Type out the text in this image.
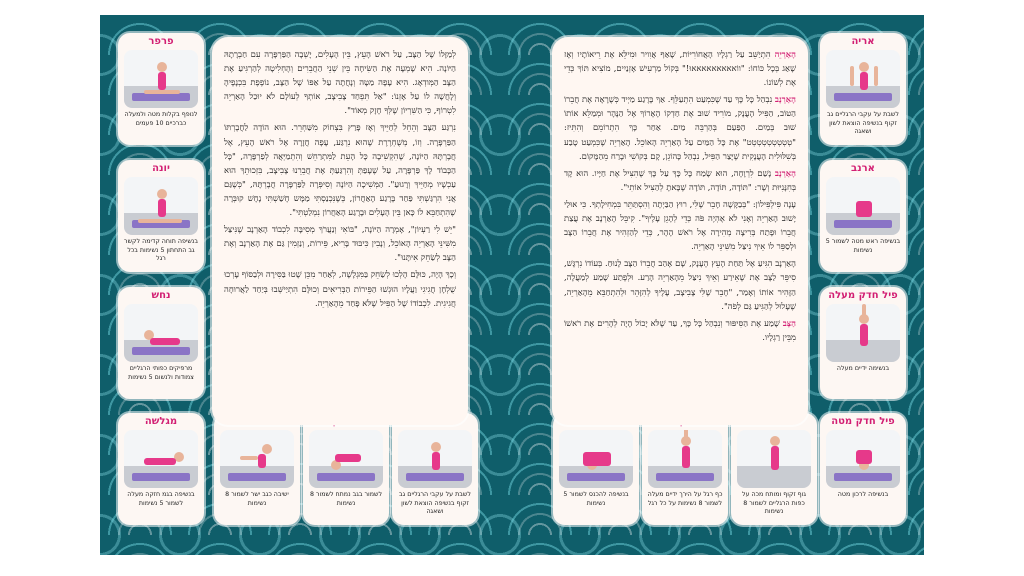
פרפר
לנופף בקלות מטה ולמעלה כברכיים 10 פעמים
יונה
בנשיפה תוחה קדימה לקשר גב התחתון 5 נשימות בכל רגל
נחש
מרפיקים כפותי הרגליים צמודות ולנשום 5 נשימות
אריה
לשבת על עקבי הרגליים גב זקוף בנשיפה הוצאת לשון ושאגה
ארנב
בנשיפה ראש מטה לשמור 5 נשימות
פיל חדק מעלה
בנשימה ידיים מעלה
לשבת על עקבי הרגליים גב זקוף בנשיפה הוצאת לשון ושאגה
לשמור בגב נמתח לשמור 8 נשימות
ישיבה כגב ישר לשמור 8 נשימות
מגלשה
בנשיפה בגמ חזקה מעלה לשמור 5 נשימות
פיל חדק מטה
בנשיפה לרכון מטה
גוף זקוף ומותח מכה על כפות הרגליים לשמור 8 נשימות
כף רגל על הירך ידיים מעלה לשמור 8 נשימות על כל רגל
בנשיפה להכנס לשמור 5 נשימות

לְמַזָּלוֹ שֶׁל הַצָּב, עַל רֹאשׁ הָעֵץ, בֵּין הֶעָלִים, יָשְׁבָה הַפַּרְפָּרָה עִם חַבְרָתָהּ הַיּוֹנָה. הִיא שָׁמְעָה אֶת הַשִּׂיחָה בֵּין שְׁנֵי הַחֲבֵרִים וְהֶחְלִיטָה לְהַרְגִּיעַ אֶת הַצָּב הַמְּודְאָג. הִיא עָפָה מַטָּה וְנָחֲתָה עַל אַפּוֹ שֶׁל הַצָּב, נוֹפֶפֶת בִּכְנָפֶיהָ וְלָחֲשָׁה לוֹ עַל אָזְנוֹ: "אַל תִּפְחַד צָבִיצָב, אוֹתְךָ לְעוֹלָם לֹא יוּכַל הָאַרְיֵה לִטְרוֹף, כִּי הַשִּׁרְיוֹן שֶׁלְּךָ חָזָק מְאוֹד".

נִרְגַּע הַצָּב וְהֵחֵל לְחַיֵּיךְ וְאָז פָּרַץ בִּצְחוֹק מִשַּׁחְרֵר. הוּא הוֹדָה לַחֲבֶרְתּוֹ הַפַּרְפָּרָה. וְזוֹ, מְשֻׁחְרֶרֶת שֶׁהוּא נִרְגַּע, עָפָה חֲזָרָה אֶל רֹאשׁ הָעֵץ, אֶל חֲבֶרְתָּהּ הַיּוֹנָה, שֶׁהִקְשִׁיבָה כָּל הָעֵת לַמִּתְרַחֵשׁ וְהִתְמַיְּאֲה לְפַרְפָּרָה, "כָּל הַכָּבוֹד לָךְ פַּרְפָּרָה, עַל שֶׁעָפַתְּ וְהִרְגַּעַתְּ אֶת חֲבֵרֵנוּ צָבִיצָב, בִּזְכוּתֵךְ הוּא עַכְשָׁיו מְחַיֵּיךְ וְרָגוּעַ". הַמְּשִׁיכָה הַיּוֹנָה וְסִיפְּרָה לַפַּרְפָּרָה חֲבֶרְתָּהּ, "כְּשֶׁגַּם אֲנִי הִרְגַּשְׁתִּי פַּחַד בָּרֶגַע הָאַחֲרוֹן, כְּשֶׁנִּכְנַסְתִּי מַמָּש חָשַׁשְׁתִּי נָחָשׁ קוּבְּרָה שֶׁהִתְחַבֵּא לוֹ כָּאן בֵּין הֶעָלִים וּבָרֶגַע הָאַחֲרוֹן נִמְלַטְתִּי".

"יֵשׁ לִי רַעְיוֹן", אָמְרָה הַיּוֹנָה, "בּוֹאִי וְנַעֲרֹךְ מְסִיבָּה לִכְבוֹד הָאַרְנָב שֶׁנִּיצַּל מִשִּׁינֵּי הָאַרְיֵה הָאוֹכֵל, וְנָבִין כִּיבּוּד בָּרִיא, פֵּירוֹת, וְנַזְמִין גַּם אֶת הָאַרְנָב וְאֶת הַצָּב לְשַׂחֵק אִיתָּנוּ".

וְכָךְ הָיָה, כּוּלָּם הָלְכוּ לְשַׂחֵק בַּמִּגְלָשָׁה, לְאַחַר מִכֵּן שָׁטוּ בַּסִּירָה וּלְבַסּוֹף עָרְכוּ שֻׁלְחָן חֲגִיגִי וַעֲלָיו הוּגְשׁוּ הַפֵּירוֹת הַבְּרִיאִים וְכוּלָּם הִתְיַישְּׁבוּ בְּיַחַד לַאֲרוּחָה חֲגִיגִית. לִכְבוֹדוֹ שֶׁל הַפִּיל שֶׁלֹּא פָּחַד מֵהָאַרְיֵה.

הָאַרְיֵה הִתְיַשֵּׁב עַל רַגְלָיו הָאֲחוֹרִיּוֹת, שָׁאַף אֲוִויר וּמִילֵּא אֶת רֵיאוֹתָיו וְאָז שָׁאַג בְּכָל כּוֹחוֹ: "ווֹאאאאאאאאאוּ!" בְּקוֹל מַרְעִישׁ אָזְנַיִים, מוֹצִיא תּוֹךְ כְּדֵי אֶת לְשׁוֹנוֹ.

הָאַרְנָב נִבְהַל כָּל כָּךְ עַד שֶׁכִּמְעַט הִתְעַלֵּף. אַךְ בָּרֶגַע מַיְיד כְּשֶׁרָאָה אֶת חֲבֵרוֹ הַטּוֹב, הַפִּיל הָעֲנָק, מוֹרִיד שׁוּב אֶת חַדְקוֹ הָאָרוֹךְ אֶל הַנָּהָר וּמְמַלֵּא אוֹתוֹ שׁוּב בְּמַיִם. הַפַּעַם בְּהַרְבֵּה מַיִם. אַחַר כָּךְ הִתְרוֹמֵם וְהִתִּיז: "טְטְטְטְטְטְטְטְט" אֶת כָּל הַמַּיִם עַל הָאַרְיֵה הָאוֹכֵל. הָאַרְיֵה שֶׁכִּמְעַט טָבַע בְּשִׁלּוּלִית הָעֲנָקִית שֶׁיָּצַר הַפִּיל, נִבְהַל כָּהוֹגֵן, קָם בְּקוֹשִׁי וּבָרַח מֵהַמָּקוֹם.

הָאַרְנָב נָשַׁם לִרְוָחָה, הוּא שָׂמַח כָּל כָּךְ עַל כָּךְ שֶׁהִצִּיל אֶת חַיָּיו. הוּא קָד בְּחִנָּנִיּוּת וְשָׁר: "תּוֹדָה, תּוֹדָה, תּוֹדָה שֶׁבָּאתָ לְהַצִּיל אוֹתִי".

עָנָה פִּילְפִּילוֹן: "בְּבַקָּשָׁה חָבֵר שֶׁלִּי, רוּץ הַבַּיְתָה וְהִסְתַּתֵּר בִּמְחִילָתְךָ. כִּי אוּלַי יָשׁוּב הָאַרְיֵה וְאָנִי לֹא אֶהְיֶה פֹּה כְּדֵי לְהָגֵן עָלֶיךָ". קִיבֵּל הָאַרְנָב אֶת עֲצַת חֲבֵרוֹ וּפָתַח בְּרִיצָה מְהִירָה אֶל רֹאשׁ הָהָר, כְּדֵי לְהַזְהִיר אֶת חֲבֵרוֹ הַצָּב וּלְסַפֵּר לוֹ אֵיךְ נִיצַּל מִשִּׁינֵּי הָאַרְיֵה.

הָאַרְנָב הִגִּיעַ אֶל תַּחַת הָעֵץ הֶעָנָק, שָׁם אָהַב חֲבֵרוֹ הַצָּב לָנוּחַ. בְּעוֹדוֹ נִרְגָּשׁ, סִיפֵּר לַצָּב אֶת שֶׁאֵירַע וְאֵיךְ נִיצַּל מֵהָאַרְיֵה הָרַע. וּלְפֶתַע שָׁמַע לְמַעֲלָה, הַזָּהִיר אוֹתוֹ וְאָמַר, "חָבֵר שֶׁלִּי צָבִיצָב, עָלֶיךָ לְהִזָּהֵר וּלְהִתְחַבֵּא מֵהָאַרְיֵה, שֶׁעָלוּל לְהַגִּיעַ גַּם לְפֹה".

הַצָּב שָׁמַע אֶת הַסִּיפּוּר וְנִבְהַל כָּל כָּךְ, עַד שֶׁלֹּא יָכוֹל הָיָה לְהָרִים אֶת רֹאשׁוֹ מִבֵּין רַגְלָיו.
